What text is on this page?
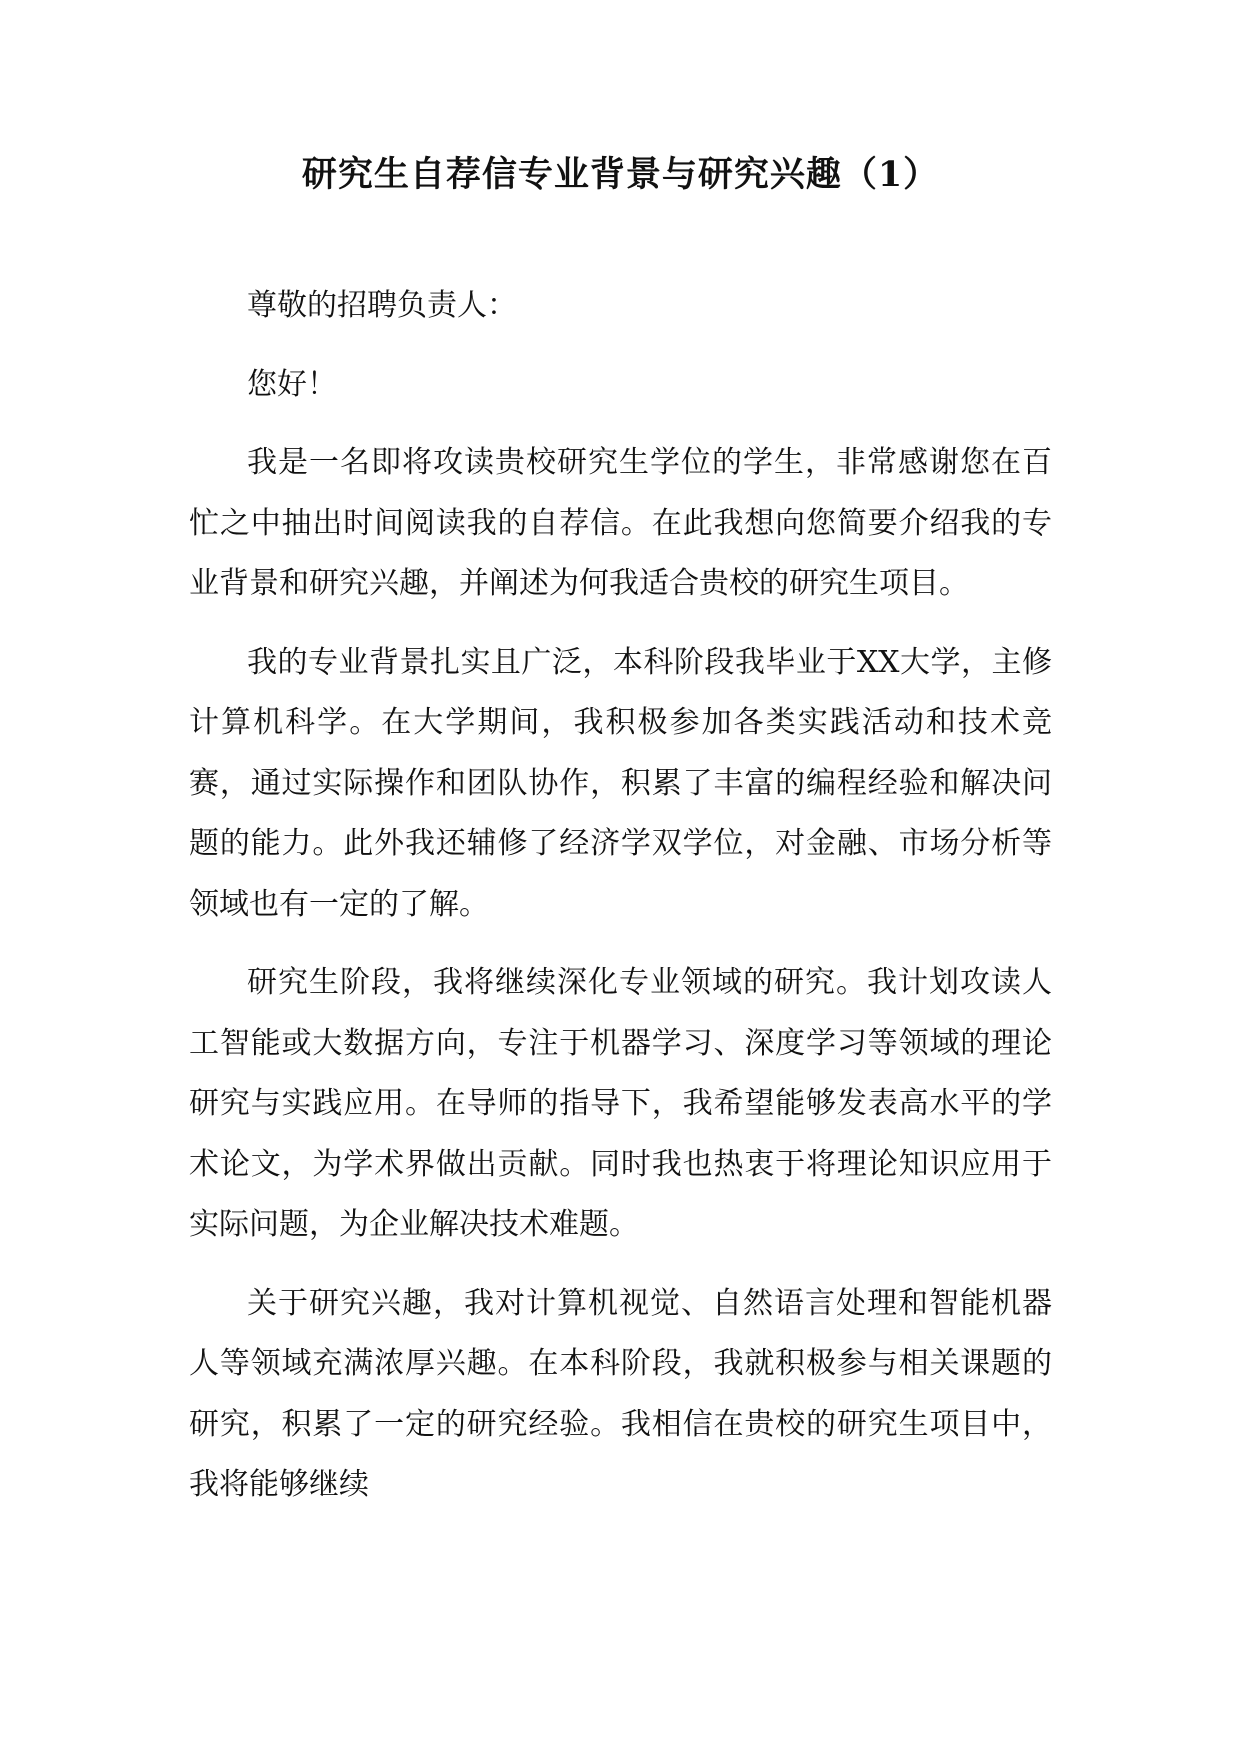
研究生自荐信专业背景与研究兴趣（1）

尊敬的招聘负责人：

您好！

我是一名即将攻读贵校研究生学位的学生，非常感谢您在百忙之中抽出时间阅读我的自荐信。在此我想向您简要介绍我的专业背景和研究兴趣，并阐述为何我适合贵校的研究生项目。

我的专业背景扎实且广泛，本科阶段我毕业于XX大学，主修计算机科学。在大学期间，我积极参加各类实践活动和技术竞赛，通过实际操作和团队协作，积累了丰富的编程经验和解决问题的能力。此外我还辅修了经济学双学位，对金融、市场分析等领域也有一定的了解。

研究生阶段，我将继续深化专业领域的研究。我计划攻读人工智能或大数据方向，专注于机器学习、深度学习等领域的理论研究与实践应用。在导师的指导下，我希望能够发表高水平的学术论文，为学术界做出贡献。同时我也热衷于将理论知识应用于实际问题，为企业解决技术难题。

关于研究兴趣，我对计算机视觉、自然语言处理和智能机器人等领域充满浓厚兴趣。在本科阶段，我就积极参与相关课题的研究，积累了一定的研究经验。我相信在贵校的研究生项目中，我将能够继续
